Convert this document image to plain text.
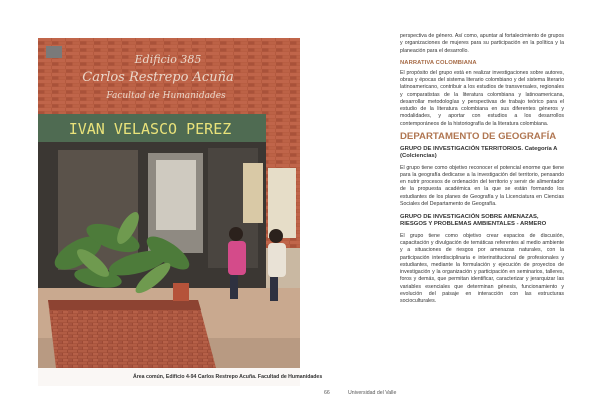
Edificio 385
Carlos Restrepo Acuña
Facultad de Humanidades
IVAN VELASCO PEREZ
Área común, Edificio 4-94 Carlos Restrepo Acuña. Facultad de Humanidades

perspectiva de género. Así como, apuntar al fortalecimiento de grupos y organizaciones de mujeres para su participación en la política y la planeación para el desarrollo.

NARRATIVA COLOMBIANA

El propósito del grupo está en realizar investigaciones sobre autores, obras y épocas del sistema literario colombiano y del sistema literario latinoamericano, contribuir a los estudios de transversales, regionales y comparatistas de la literatura colombiana y latinoamericana, desarrollar metodologías y perspectivas de trabajo teórico para el estudio de la literatura colombiana en sus diferentes géneros y modalidades, y aportar con estudios a los desarrollos contemporáneos de la historiografía de la literatura colombiana.

DEPARTAMENTO DE GEOGRAFÍA
GRUPO DE INVESTIGACIÓN TERRITORIOS. Categoría A (Colciencias)

El grupo tiene como objetivo reconocer el potencial enorme que tiene para la geografía dedicarse a la investigación del territorio, pensando en nutrir procesos de ordenación del territorio y servir de alimentador de la propuesta académica en la que se están formando los estudiantes de los planes de Geografía y la Licenciatura en Ciencias Sociales del Departamento de Geografía.

GRUPO DE INVESTIGACIÓN SOBRE AMENAZAS, RIESGOS Y PROBLEMAS AMBIENTALES - ARMERO

El grupo tiene como objetivo crear espacios de discusión, capacitación y divulgación de temáticas referentes al medio ambiente y a situaciones de riesgos por amenazas naturales, con la participación interdisciplinaria e interinstitucional de profesionales y estudiantes, mediante la formulación y ejecución de proyectos de investigación y la organización y participación en seminarios, talleres, foros y demás, que permitan identificar, caracterizar y jerarquizar las variables esenciales que determinan génesis, funcionamiento y evolución del paisaje en interacción con las estructuras socioculturales.

66	Universidad del Valle
